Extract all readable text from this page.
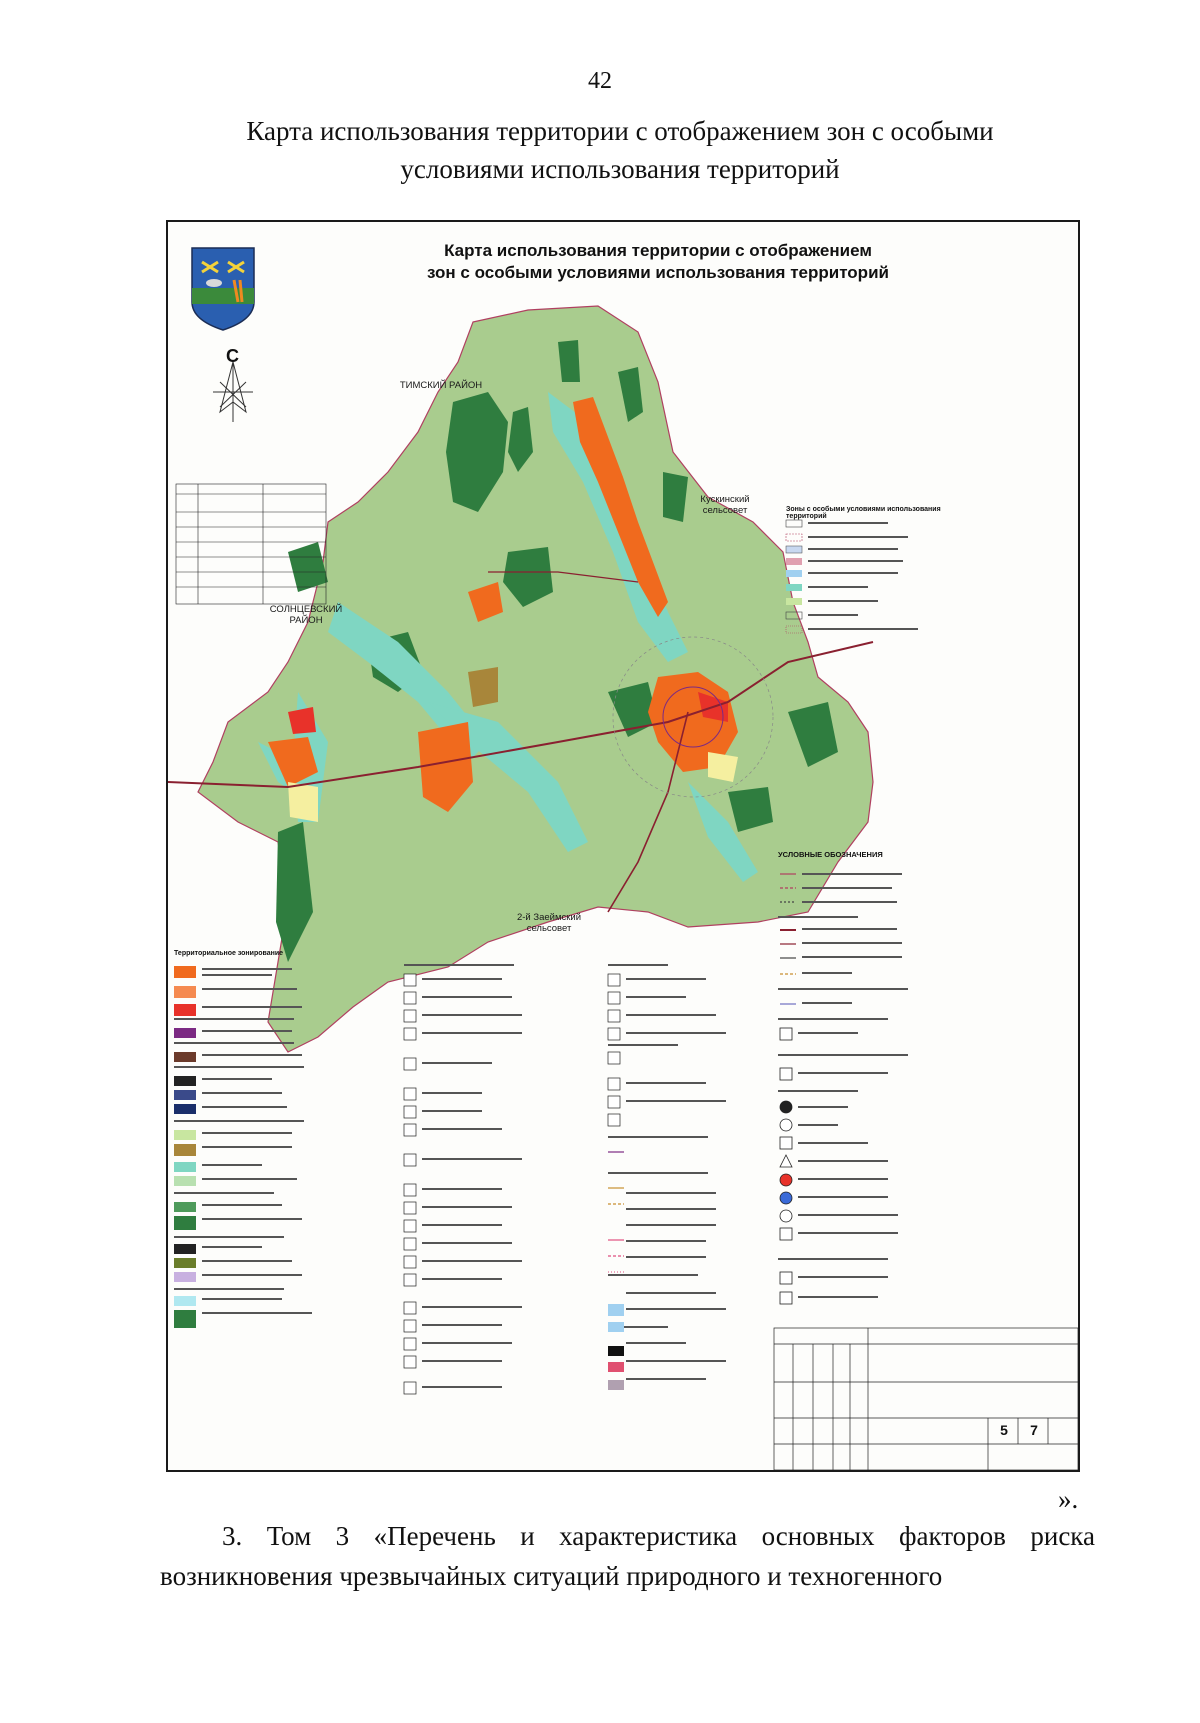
42
Карта использования территории с отображением зон с особыми
условиями использования территорий
Карта использования территории с отображением
зон с особыми условиями использования территорий
С
ТИМСКИЙ РАЙОН
Кускинский сельсовет
СОЛНЦЕВСКИЙ РАЙОН
2-й Заеймский сельсовет
Зоны с особыми условиями использования территорий
УСЛОВНЫЕ ОБОЗНАЧЕНИЯ
Территориальное зонирование
5	7
».
3. Том 3 «Перечень и характеристика основных факторов риска возникновения чрезвычайных ситуаций природного и техногенного
